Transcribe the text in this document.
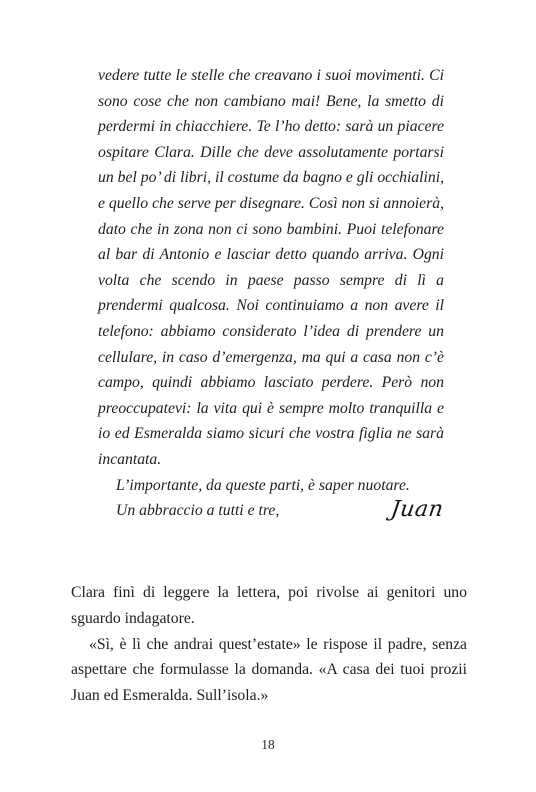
vedere tutte le stelle che creavano i suoi movimenti. Ci sono cose che non cambiano mai! Bene, la smetto di perdermi in chiacchiere. Te l’ho detto: sarà un piacere ospitare Clara. Dille che deve assolutamente portarsi un bel po’ di libri, il costume da bagno e gli occhialini, e quello che serve per disegnare. Così non si annoierà, dato che in zona non ci sono bambini. Puoi telefonare al bar di Antonio e lasciar detto quando arriva. Ogni volta che scendo in paese passo sempre di lì a prendermi qualcosa. Noi continuiamo a non avere il telefono: abbiamo considerato l’idea di prendere un cellulare, in caso d’emergenza, ma qui a casa non c’è campo, quindi abbiamo lasciato perdere. Però non preoccupatevi: la vita qui è sempre molto tranquilla e io ed Esmeralda siamo sicuri che vostra figlia ne sarà incantata.

L’importante, da queste parti, è saper nuotare.

Un abbraccio a tutti e tre,	Juan

Clara finì di leggere la lettera, poi rivolse ai genitori uno sguardo indagatore.

«Sì, è lì che andrai quest’estate» le rispose il padre, senza aspettare che formulasse la domanda. «A casa dei tuoi prozii Juan ed Esmeralda. Sull’isola.»

18
